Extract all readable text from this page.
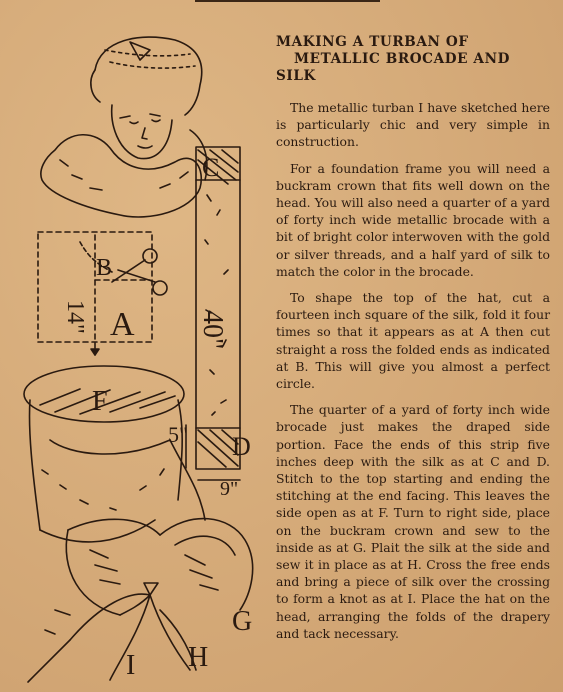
A
B
C
D
F
G
H
I
14"	40"
5"
9"
MAKING A TURBAN OF
METALLIC BROCADE AND SILK

The metallic turban I have sketched here is particularly chic and very simple in construction.

For a foundation frame you will need a buckram crown that fits well down on the head. You will also need a quarter of a yard of forty inch wide metallic brocade with a bit of bright color interwoven with the gold or silver threads, and a half yard of silk to match the color in the brocade.

To shape the top of the hat, cut a fourteen inch square of the silk, fold it four times so that it appears as at A then cut straight a ross the folded ends as indicated at B. This will give you almost a perfect circle.

The quarter of a yard of forty inch wide brocade just makes the draped side portion. Face the ends of this strip five inches deep with the silk as at C and D. Stitch to the top starting and ending the stitching at the end facing. This leaves the side open as at F. Turn to right side, place on the buckram crown and sew to the inside as at G. Plait the silk at the side and sew it in place as at H. Cross the free ends and bring a piece of silk over the crossing to form a knot as at I. Place the hat on the head, arranging the folds of the drapery and tack necessary.
